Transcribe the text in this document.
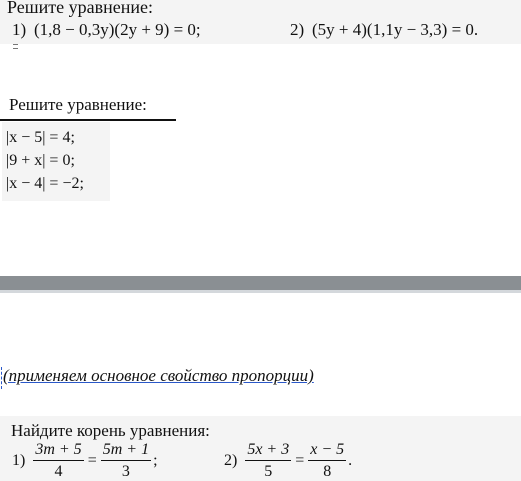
Решите уравнение:
1) (1,8 − 0,3y)(2y + 9) = 0;	2) (5y + 4)(1,1y − 3,3) = 0.
Решите уравнение:
|x − 5| = 4;
|9 + x| = 0;
|x − 4| = −2;
(применяем основное свойство пропорции)
Найдите корень уравнения:
$1) \frac{3m + 5}{4} = \frac{5m + 1}{3}$ ;	$2) \frac{5x + 3}{5} = \frac{x - 5}{8}$ .
